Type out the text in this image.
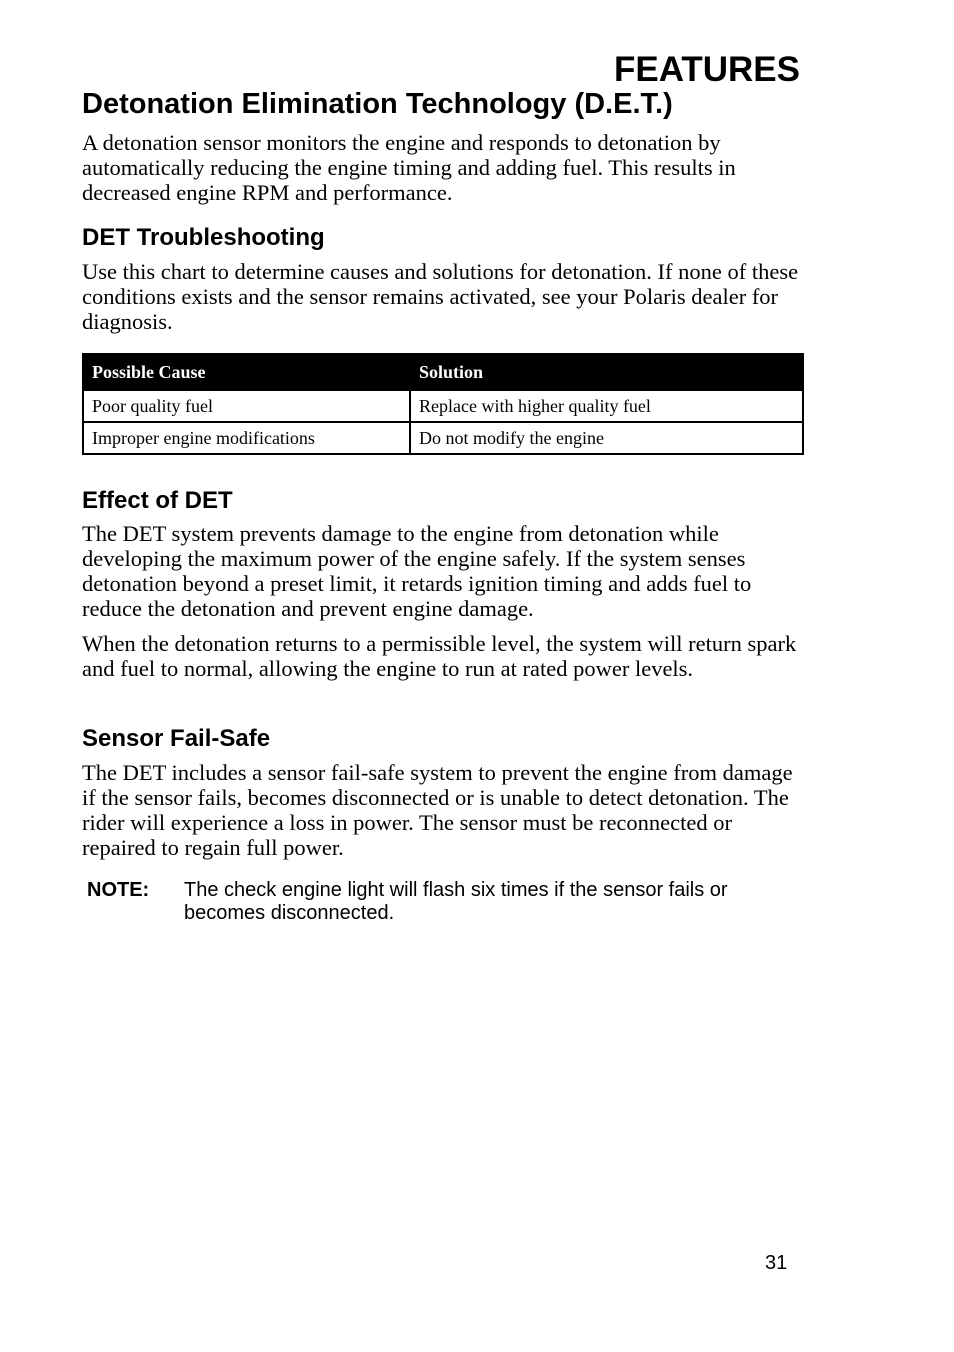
FEATURES
Detonation Elimination Technology (D.E.T.)

A detonation sensor monitors the engine and responds to detonation by automatically reducing the engine timing and adding fuel. This results in decreased engine RPM and performance.

DET Troubleshooting

Use this chart to determine causes and solutions for detonation. If none of these conditions exists and the sensor remains activated, see your Polaris dealer for diagnosis.

Possible Cause	Solution
Poor quality fuel	Replace with higher quality fuel
Improper engine modifications	Do not modify the engine
Effect of DET

The DET system prevents damage to the engine from detonation while developing the maximum power of the engine safely. If the system senses detonation beyond a preset limit, it retards ignition timing and adds fuel to reduce the detonation and prevent engine damage.

When the detonation returns to a permissible level, the system will return spark and fuel to normal, allowing the engine to run at rated power levels.

Sensor Fail-Safe

The DET includes a sensor fail-safe system to prevent the engine from damage if the sensor fails, becomes disconnected or is unable to detect detonation. The rider will experience a loss in power. The sensor must be reconnected or repaired to regain full power.

NOTE: The check engine light will flash six times if the sensor fails or becomes disconnected.
31
